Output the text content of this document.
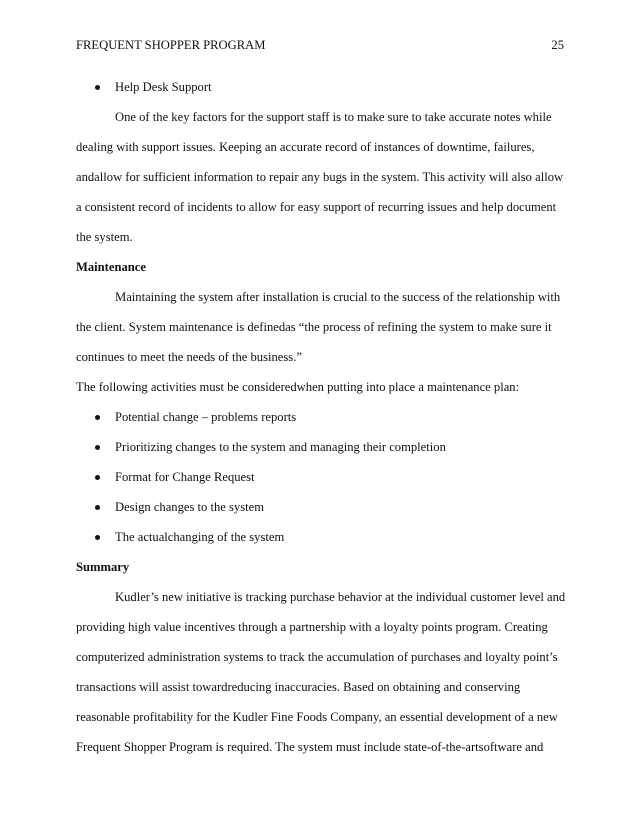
FREQUENT SHOPPER PROGRAM	25
Help Desk Support
One of the key factors for the support staff is to make sure to take accurate notes while
dealing with support issues. Keeping an accurate record of instances of downtime, failures,
andallow for sufficient information to repair any bugs in the system. This activity will also allow
a consistent record of incidents to allow for easy support of recurring issues and help document
the system.
Maintenance
Maintaining the system after installation is crucial to the success of the relationship with
the client. System maintenance is definedas “the process of refining the system to make sure it
continues to meet the needs of the business.”
The following activities must be consideredwhen putting into place a maintenance plan:
Potential change – problems reports
Prioritizing changes to the system and managing their completion
Format for Change Request
Design changes to the system
The actualchanging of the system
Summary
Kudler’s new initiative is tracking purchase behavior at the individual customer level and
providing high value incentives through a partnership with a loyalty points program. Creating
computerized administration systems to track the accumulation of purchases and loyalty point’s
transactions will assist towardreducing inaccuracies. Based on obtaining and conserving
reasonable profitability for the Kudler Fine Foods Company, an essential development of a new
Frequent Shopper Program is required. The system must include state-of-the-artsoftware and
